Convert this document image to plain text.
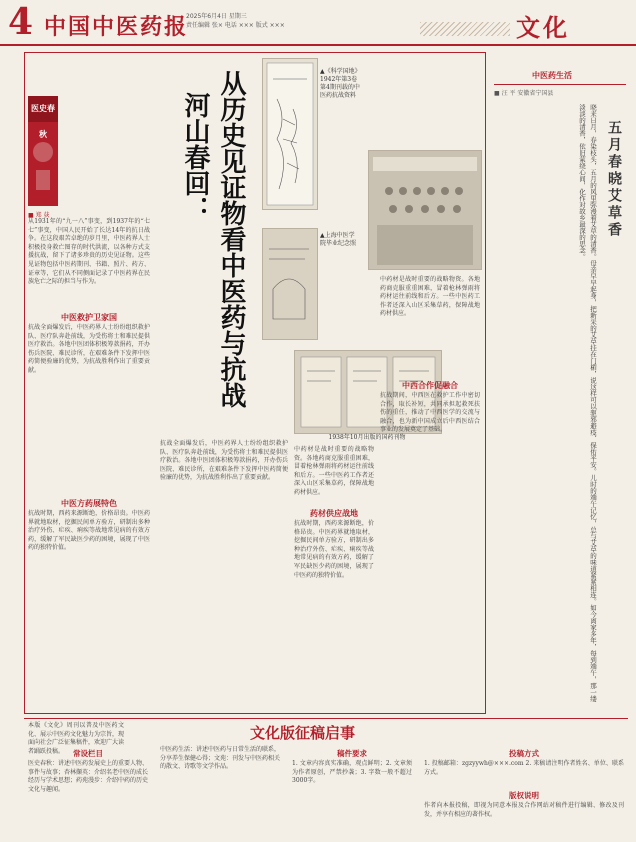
4 中国中医药报
2025年6月4日 星期三
责任编辑 张× 电话 ××× 版式 ×××	文化
医史春秋
■ 郑 荻	从历史见证物看中医药与抗战
河山春回：
▲《科学国地》1942年第3卷第4期刊载的中医药抗战资料
▲上海中医学院毕业纪念照
1938年10月出版的国药刊物
从1931年的“九一八”事变，到1937年的“七七”事变，中国人民开始了长达14年的抗日战争。在这段艰苦卓绝的岁月里，中医药界人士积极投身救亡图存的时代洪流，以各种方式支援抗战，留下了诸多珍贵的历史见证物。这些见证物包括中医药期刊、书籍、照片、药方、证章等，它们从不同侧面记录了中医药界在民族危亡之际的担当与作为。
中医救护卫家国
抗战全面爆发后，中医药界人士纷纷组织救护队、医疗队奔赴前线，为受伤将士和难民提供医疗救治。各地中医团体积极筹款捐药，开办伤兵医院、难民诊所，在艰难条件下发挥中医药简便验廉的优势，为抗战胜利作出了重要贡献。
中医方药展特色
抗战时期，西药来源断绝，价格昂贵。中医药界就地取材，挖掘民间单方验方，研制出多种治疗外伤、疟疾、痢疾等战地常见病的有效方药，缓解了军民缺医少药的困境，展现了中医药的独特价值。
抗战全面爆发后，中医药界人士纷纷组织救护队、医疗队奔赴前线，为受伤将士和难民提供医疗救治。各地中医团体积极筹款捐药，开办伤兵医院、难民诊所，在艰难条件下发挥中医药简便验廉的优势，为抗战胜利作出了重要贡献。
中药材是战时重要的战略物资。各地药商克服重重困难，冒着枪林弹雨将药材运往前线和后方。一些中医药工作者还深入山区采集草药，保障战地药材供应。
药材供应战地
抗战时期，西药来源断绝，价格昂贵。中医药界就地取材，挖掘民间单方验方，研制出多种治疗外伤、疟疾、痢疾等战地常见病的有效方药，缓解了军民缺医少药的困境，展现了中医药的独特价值。
中药材是战时重要的战略物资。各地药商克服重重困难，冒着枪林弹雨将药材运往前线和后方。一些中医药工作者还深入山区采集草药，保障战地药材供应。
中西合作促融合
抗战期间，中西医在救护工作中密切合作，取长补短，共同承担起救死扶伤的重任，推动了中西医学的交流与融合，也为新中国成立后中西医结合事业的发展奠定了基础。
中医药生活
■ 汪 平 安徽省宁国县
五月春晓艾草香
晓来日月，春染枝头，五月的风里弥漫着艾草的清香。母亲早早起身，把新采的艾草挂在门楣，说这样可以驱邪避疫、保佑平安。儿时的端午记忆，总与艾草的味道紧紧相连。如今离家多年，每到端午，那一缕淡淡的清香，依旧萦绕心间，化作对故乡最深的思念。
文化版征稿启事
本版《文化》周刊以普及中医药文化、展示中医药文化魅力为宗旨，现面向社会广泛征集稿件，欢迎广大读者踊跃投稿。	常设栏目
医史春秋：讲述中医药发展史上的重要人物、事件与故事；杏林撷英：介绍名老中医的成长经历与学术思想；药苑漫步：介绍中药的历史文化与趣闻。
中医药生活：讲述中医药与日常生活的联系，分享养生保健心得；文苑：刊发与中医药相关的散文、诗歌等文学作品。
稿件要求
1. 文章内容真实准确，观点鲜明；2. 文章须为作者原创，严禁抄袭；3. 字数一般不超过3000字。
投稿方式
1. 投稿邮箱：zgzyywh@×××.com 2. 来稿请注明作者姓名、单位、联系方式。
版权说明
作者向本报投稿，即视为同意本报及合作网站对稿件进行编辑、修改及刊发，并享有相应的著作权。
